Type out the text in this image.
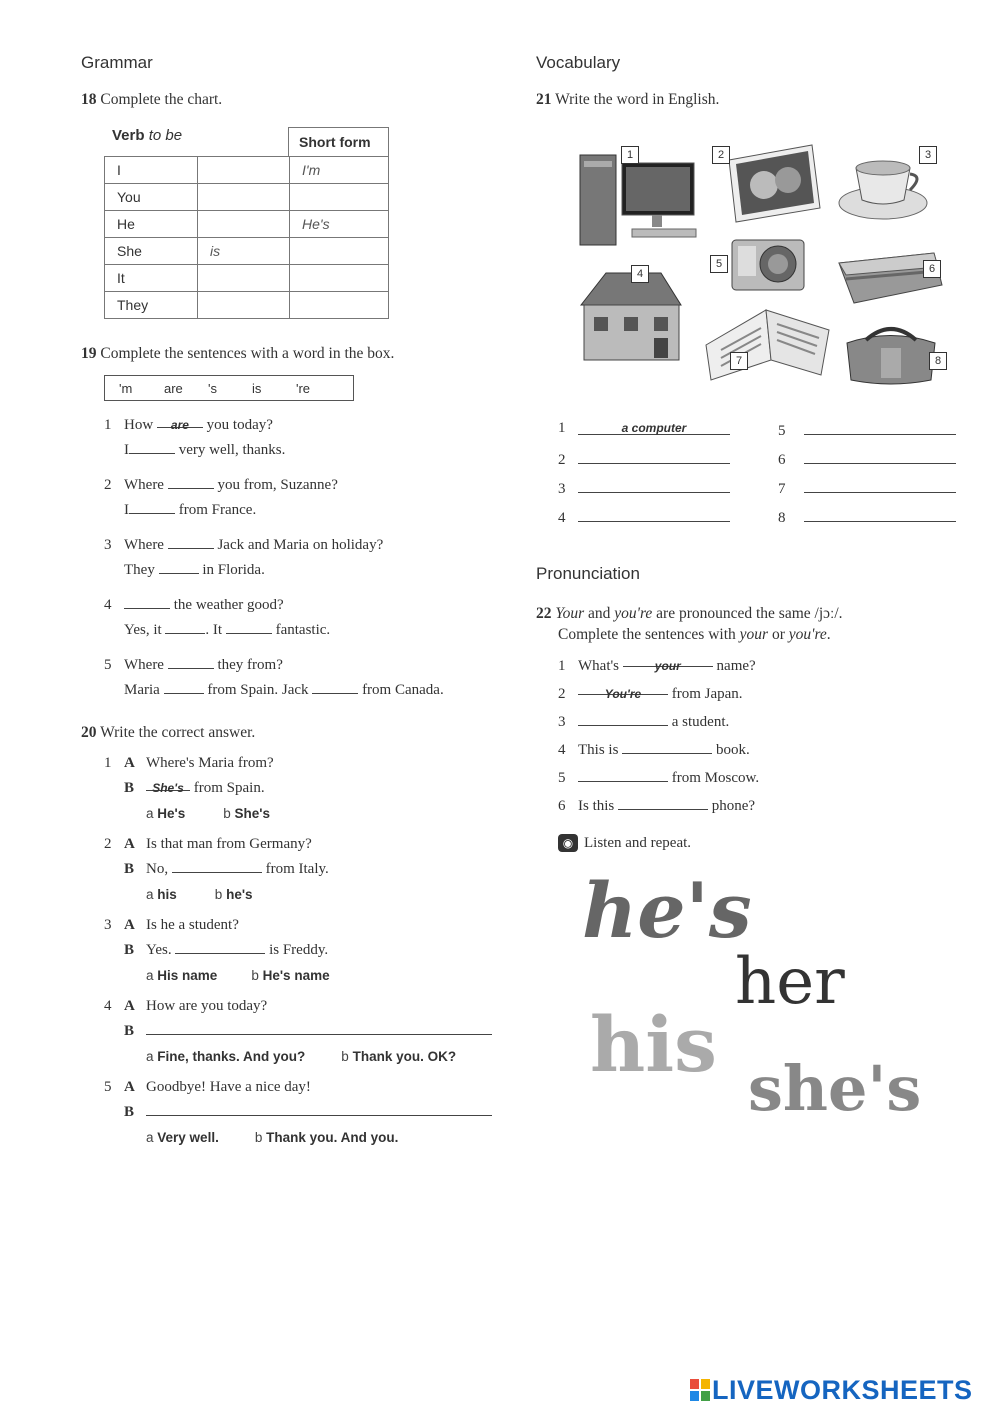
Grammar
18 Complete the chart.
Verb to be	Short form
I		I'm
You		
He		He's
She	is	
It		
They		
19 Complete the sentences with a word in the box.
'm are 's	is	're
1 How are you today?
I	very well, thanks.
2 Where	you from, Suzanne?
I	from France.
3 Where	Jack and Maria on holiday?
They	in Florida.
4	the weather good?
Yes, it	. It	fantastic.
5 Where	they from?
Maria	from Spain. Jack	from Canada.
20 Write the correct answer.
1 A Where's Maria from?
B She's from Spain.
a He's	b She's
2 A Is that man from Germany?
B No,	from Italy.
a his	b he's
3 A Is he a student?
B Yes.	is Freddy.
a His name	b He's name
4 A How are you today?
B
a Fine, thanks. And you?	b Thank you. OK?
5 A Goodbye! Have a nice day!
B
a Very well.	b Thank you. And you.
Vocabulary
21 Write the word in English.
1	2	3
4
5	6
7	8
1	a computer
2
3
4
5
6
7
8
Pronunciation
22 Your and you're are pronounced the same /jɔː/.
Complete the sentences with your or you're.
1 What's	your name?
2	You're from Japan.
3	a student.
4 This is	book.
5	from Moscow.
6 Is this	phone?
◉ Listen and repeat.
he's
her
his she's
LIVEWORKSHEETS
